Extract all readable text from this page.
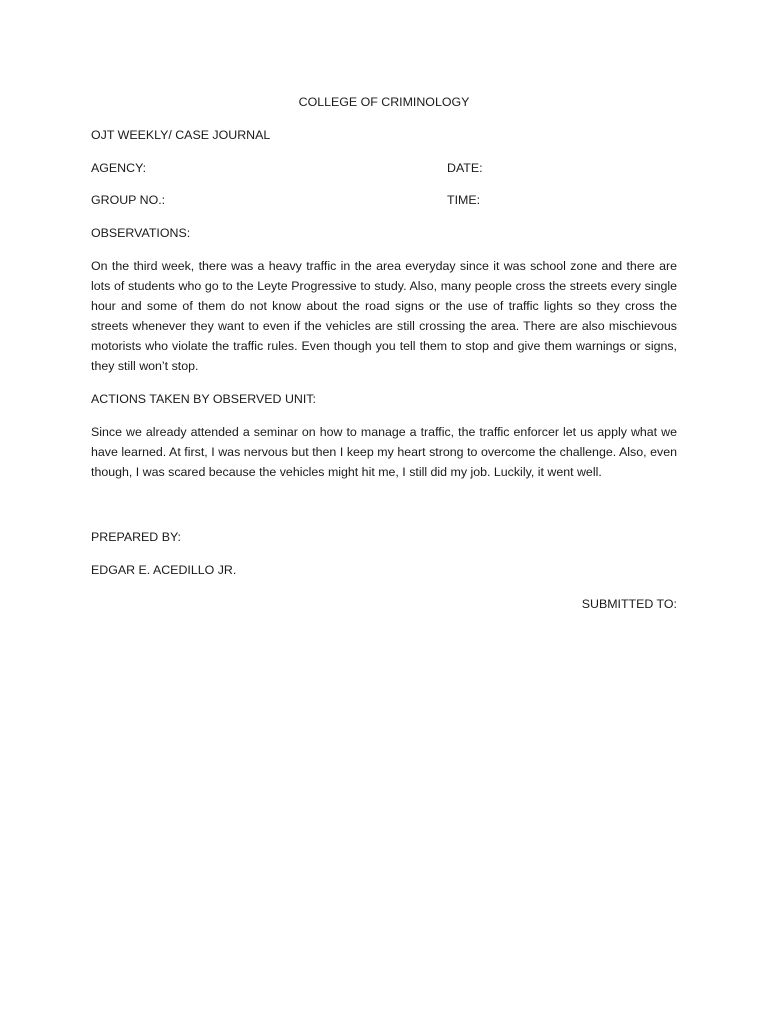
COLLEGE OF CRIMINOLOGY
OJT WEEKLY/ CASE JOURNAL
AGENCY:	DATE:
GROUP NO.:	TIME:
OBSERVATIONS:
On the third week, there was a heavy traffic in the area everyday since it was school zone and there are lots of students who go to the Leyte Progressive to study. Also, many people cross the streets every single hour and some of them do not know about the road signs or the use of traffic lights so they cross the streets whenever they want to even if the vehicles are still crossing the area. There are also mischievous motorists who violate the traffic rules. Even though you tell them to stop and give them warnings or signs, they still won’t stop.
ACTIONS TAKEN BY OBSERVED UNIT:
Since we already attended a seminar on how to manage a traffic, the traffic enforcer let us apply what we have learned. At first, I was nervous but then I keep my heart strong to overcome the challenge. Also, even though, I was scared because the vehicles might hit me, I still did my job. Luckily, it went well.
PREPARED BY:
EDGAR E. ACEDILLO JR.
SUBMITTED TO:
